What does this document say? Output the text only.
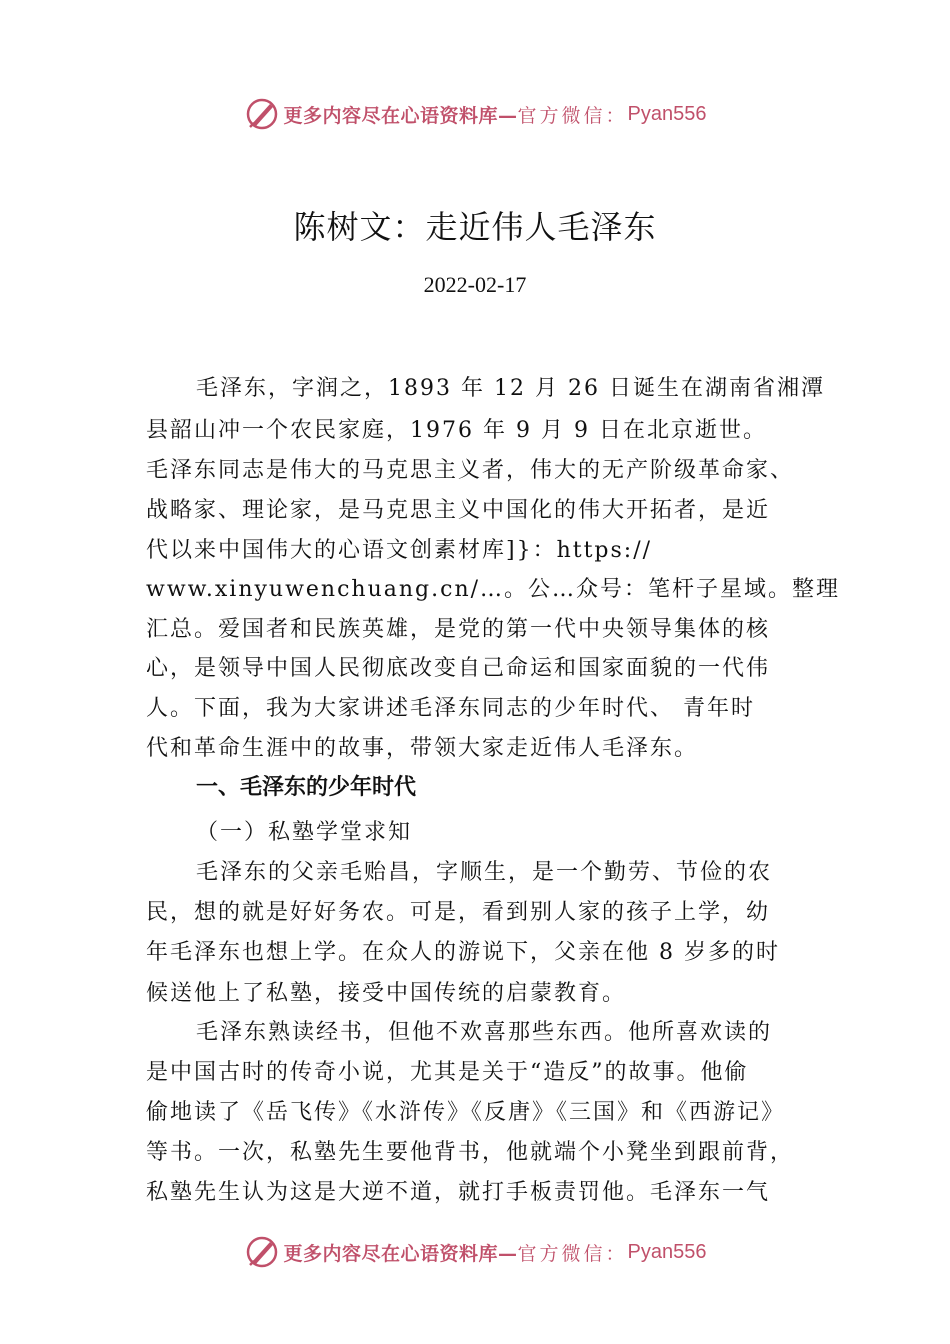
更多内容尽在心语资料库— 官方微信： Pyan556
陈树文：走近伟人毛泽东
2022-02-17
毛泽东，字润之，1893 年 12 月 26 日诞生在湖南省湘潭
县韶山冲一个农民家庭，1976 年 9 月 9 日在北京逝世。
毛泽东同志是伟大的马克思主义者，伟大的无产阶级革命家、
战略家、理论家，是马克思主义中国化的伟大开拓者，是近
代以来中国伟大的心语文创素材库]}：https://
www.xinyuwenchuang.cn/…。公…众号：笔杆子星域。整理
汇总。爱国者和民族英雄，是党的第一代中央领导集体的核
心，是领导中国人民彻底改变自己命运和国家面貌的一代伟
人。下面，我为大家讲述毛泽东同志的少年时代、 青年时
代和革命生涯中的故事，带领大家走近伟人毛泽东。
一、毛泽东的少年时代
（一）私塾学堂求知
毛泽东的父亲毛贻昌，字顺生，是一个勤劳、节俭的农
民，想的就是好好务农。可是，看到别人家的孩子上学，幼
年毛泽东也想上学。在众人的游说下，父亲在他 8 岁多的时
候送他上了私塾，接受中国传统的启蒙教育。
毛泽东熟读经书，但他不欢喜那些东西。他所喜欢读的
是中国古时的传奇小说，尤其是关于“造反”的故事。他偷
偷地读了《岳飞传》《水浒传》《反唐》《三国》和《西游记》
等书。一次，私塾先生要他背书，他就端个小凳坐到跟前背，
私塾先生认为这是大逆不道，就打手板责罚他。毛泽东一气
更多内容尽在心语资料库— 官方微信： Pyan556
